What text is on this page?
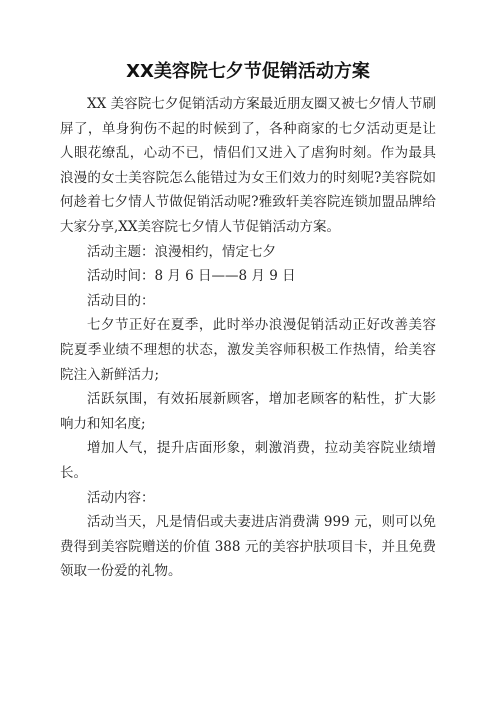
XX美容院七夕节促销活动方案

XX 美容院七夕促销活动方案最近朋友圈又被七夕情人节刷屏了，单身狗伤不起的时候到了，各种商家的七夕活动更是让人眼花缭乱，心动不已，情侣们又进入了虐狗时刻。作为最具浪漫的女士美容院怎么能错过为女王们效力的时刻呢?美容院如何趁着七夕情人节做促销活动呢?雅致轩美容院连锁加盟品牌给大家分享,XX美容院七夕情人节促销活动方案。

活动主题：浪漫相约，情定七夕

活动时间：8 月 6 日——8 月 9 日

活动目的：

七夕节正好在夏季，此时举办浪漫促销活动正好改善美容院夏季业绩不理想的状态，激发美容师积极工作热情，给美容院注入新鲜活力;

活跃氛围，有效拓展新顾客，增加老顾客的粘性，扩大影响力和知名度;

增加人气，提升店面形象，刺激消费，拉动美容院业绩增长。

活动内容：

活动当天，凡是情侣或夫妻进店消费满 999 元，则可以免费得到美容院赠送的价值 388 元的美容护肤项目卡，并且免费领取一份爱的礼物。
